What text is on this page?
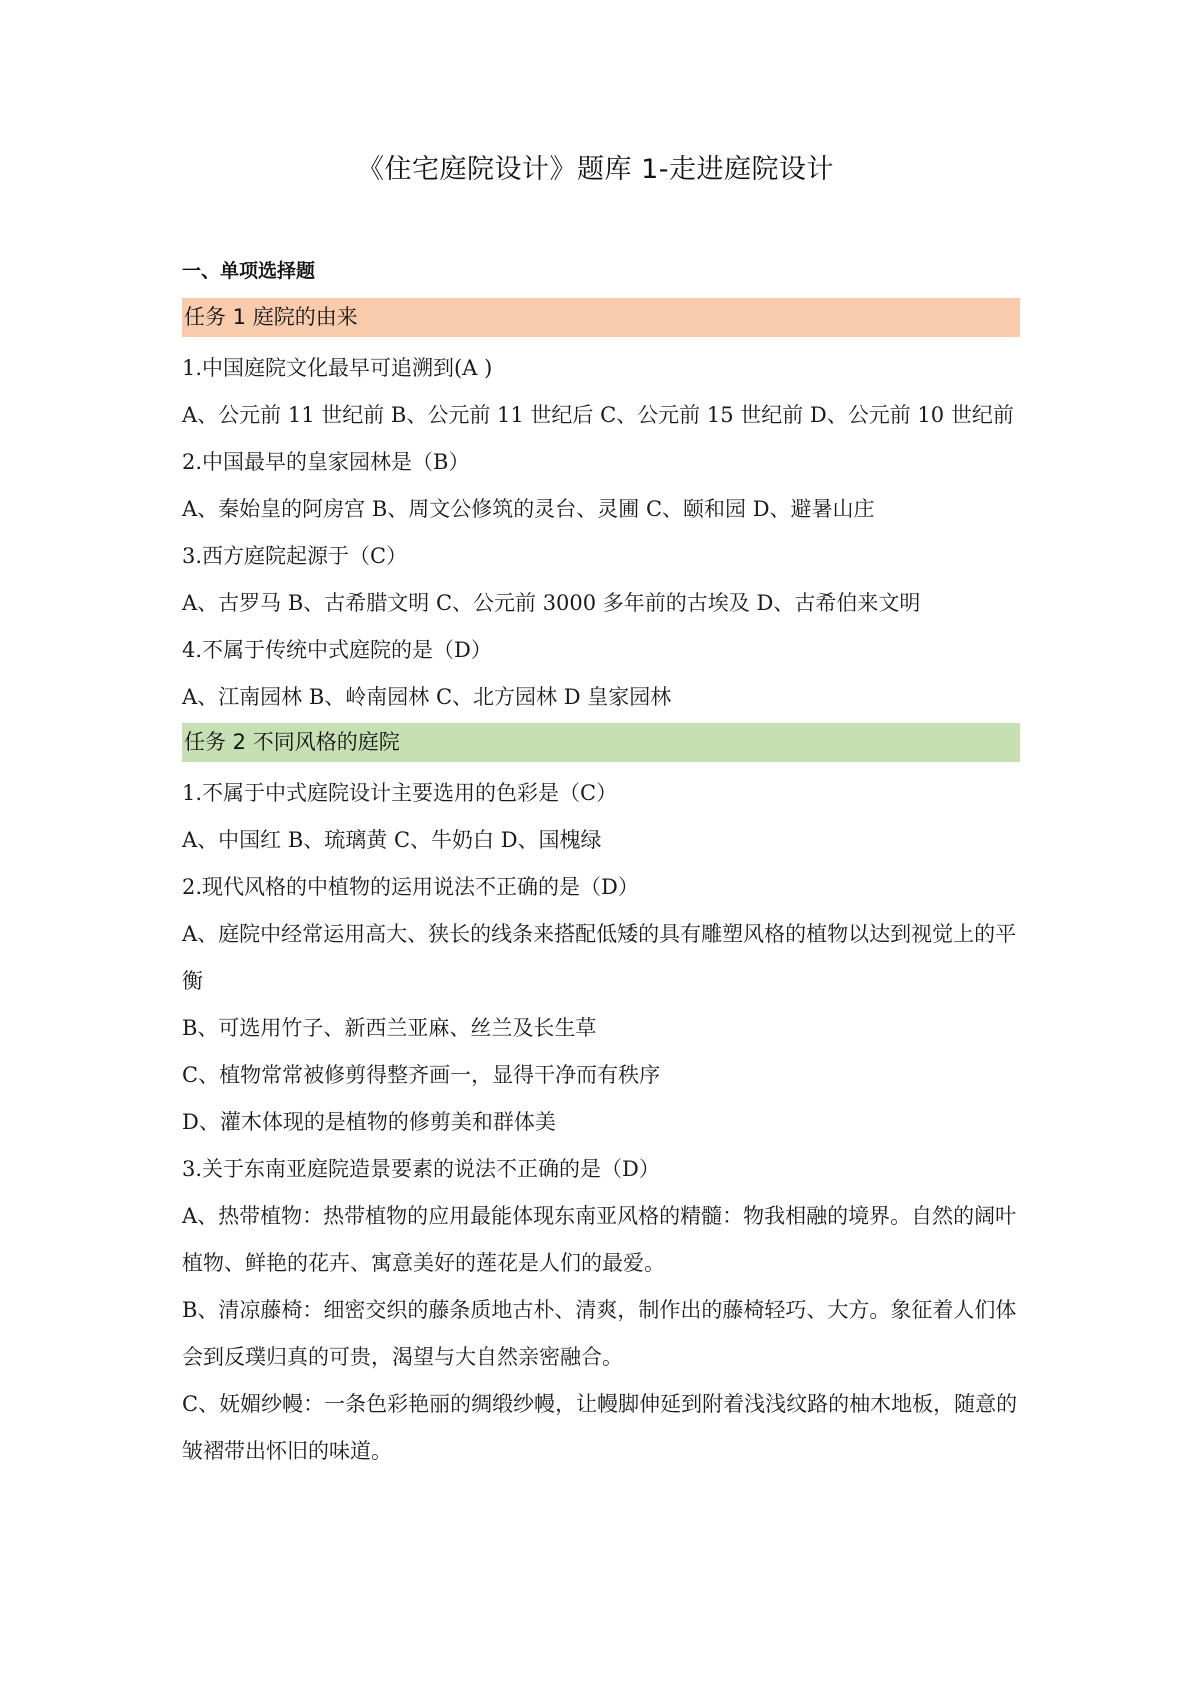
《住宅庭院设计》题库 1-走进庭院设计
一、单项选择题
任务 1 庭院的由来
1.中国庭院文化最早可追溯到(A )
A、公元前 11 世纪前 B、公元前 11 世纪后 C、公元前 15 世纪前 D、公元前 10 世纪前
2.中国最早的皇家园林是（B）
A、秦始皇的阿房宫 B、周文公修筑的灵台、灵圃 C、颐和园 D、避暑山庄
3.西方庭院起源于（C）
A、古罗马 B、古希腊文明 C、公元前 3000 多年前的古埃及 D、古希伯来文明
4.不属于传统中式庭院的是（D）
A、江南园林 B、岭南园林 C、北方园林 D 皇家园林
任务 2 不同风格的庭院
1.不属于中式庭院设计主要选用的色彩是（C）
A、中国红 B、琉璃黄 C、牛奶白 D、国槐绿
2.现代风格的中植物的运用说法不正确的是（D）
A、庭院中经常运用高大、狭长的线条来搭配低矮的具有雕塑风格的植物以达到视觉上的平衡
B、可选用竹子、新西兰亚麻、丝兰及长生草
C、植物常常被修剪得整齐画一，显得干净而有秩序
D、灌木体现的是植物的修剪美和群体美
3.关于东南亚庭院造景要素的说法不正确的是（D）
A、热带植物：热带植物的应用最能体现东南亚风格的精髓：物我相融的境界。自然的阔叶植物、鲜艳的花卉、寓意美好的莲花是人们的最爱。
B、清凉藤椅：细密交织的藤条质地古朴、清爽，制作出的藤椅轻巧、大方。象征着人们体会到反璞归真的可贵，渴望与大自然亲密融合。
C、妩媚纱幔：一条色彩艳丽的绸缎纱幔，让幔脚伸延到附着浅浅纹路的柚木地板，随意的皱褶带出怀旧的味道。
